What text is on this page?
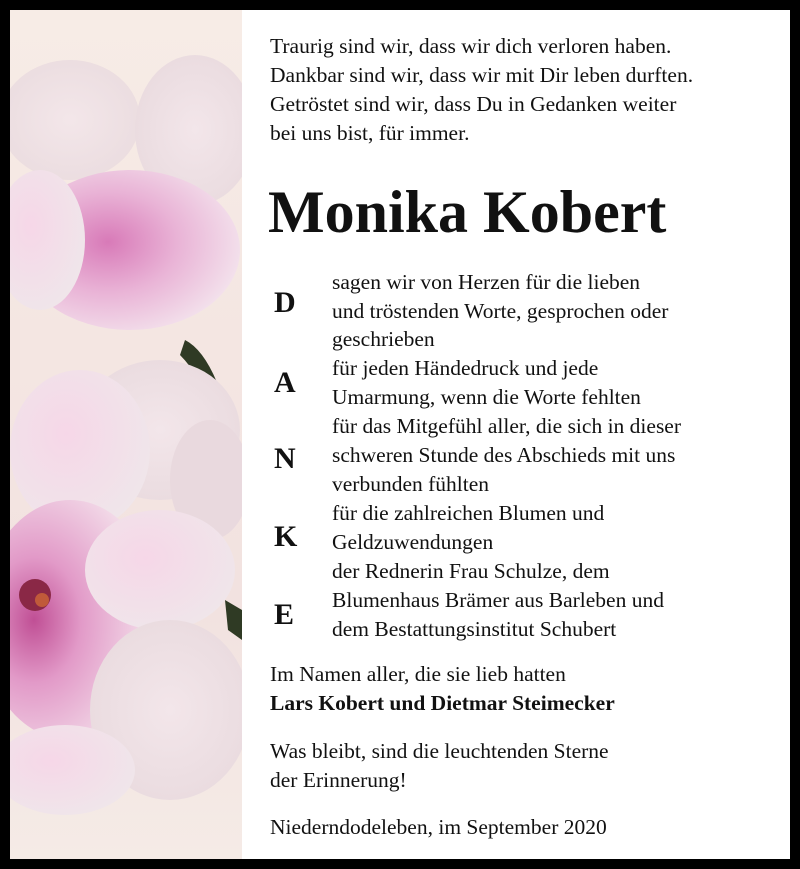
Traurig sind wir, dass wir dich verloren haben.
Dankbar sind wir, dass wir mit Dir leben durften.
Getröstet sind wir, dass Du in Gedanken weiter
bei uns bist, für immer.
Monika Kobert
D
A
N
K
E
sagen wir von Herzen für die lieben
und tröstenden Worte, gesprochen oder
geschrieben
für jeden Händedruck und jede
Umarmung, wenn die Worte fehlten
für das Mitgefühl aller, die sich in dieser
schweren Stunde des Abschieds mit uns
verbunden fühlten
für die zahlreichen Blumen und
Geldzuwendungen
der Rednerin Frau Schulze, dem
Blumenhaus Brämer aus Barleben und
dem Bestattungsinstitut Schubert
Im Namen aller, die sie lieb hatten
Lars Kobert und Dietmar Steimecker
Was bleibt, sind die leuchtenden Sterne
der Erinnerung!
Niederndodeleben, im September 2020
